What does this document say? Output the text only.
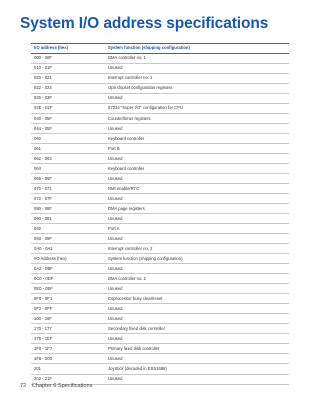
System I/O address specifications
I/O address (hex)	System function (shipping configuration)
000 - 00F	DMA controller no. 1
010 - 01F	Unused
020 - 021	Interrupt controller no. 1
022 - 024	Opti chipset configuration registers
025 - 03F	Unused
02E - 02F	87334 "Super I/O" configuration for CPU
040 - 05F	Counter/timer registers
044 - 05F	Unused
060	Keyboard controller
061	Port B
062 - 063	Unused
064	Keyboard controller
065 - 06F	Unused
070 - 071	NMI enable/RTC
072 - 07F	Unused
080 - 08F	DMA page registers
090 - 091	Unused
092	Port A
093 - 09F	Unused
0A0 - 0A1	Interrupt controller no. 2
I/O Address (hex)	System function (shipping configuration)
0A2 - 0BF	Unused
0C0 - 0DF	DMA controller no. 2
0E0 - 0EF	Unused
0F0 - 0F1	Coprocessor busy clear/reset
0F2 - 0FF	Unused
100 - 16F	Unused
170 - 177	Secondary fixed disk controller
178 - 1EF	Unused
1F0 - 1F7	Primary fixed disk controller
1F8 - 200	Unused
201	JoyStick (decoded in ESS1688)
202 - 21F	Unused
72 Chapter 6 Specifications
